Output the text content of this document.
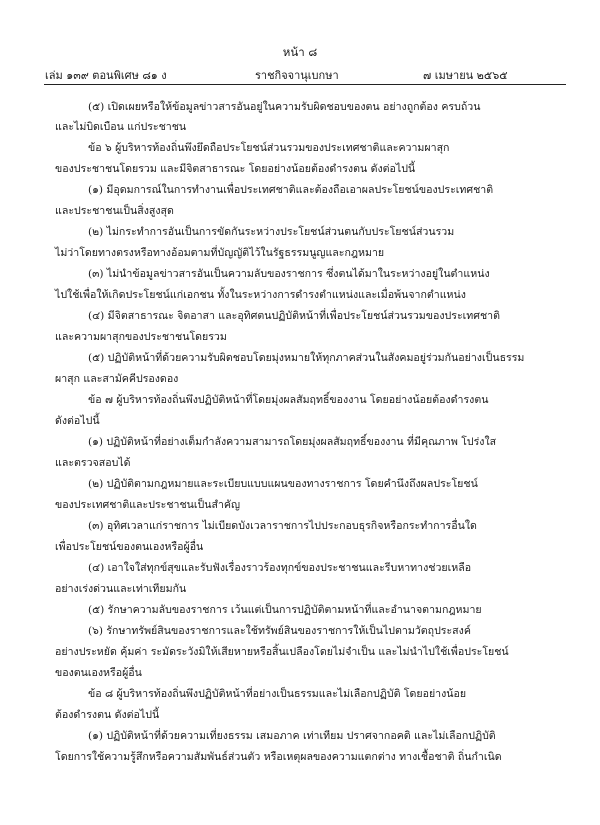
หน้า ๘
เล่ม ๑๓๙ ตอนพิเศษ ๘๑ ง	ราชกิจจานุเบกษา	๗ เมษายน ๒๕๖๕
(๕) เปิดเผยหรือให้ข้อมูลข่าวสารอันอยู่ในความรับผิดชอบของตน อย่างถูกต้อง ครบถ้วน
และไม่บิดเบือน แก่ประชาชน
ข้อ ๖ ผู้บริหารท้องถิ่นพึงยึดถือประโยชน์ส่วนรวมของประเทศชาติและความผาสุก
ของประชาชนโดยรวม และมีจิตสาธารณะ โดยอย่างน้อยต้องดำรงตน ดังต่อไปนี้
(๑) มีอุดมการณ์ในการทำงานเพื่อประเทศชาติและต้องถือเอาผลประโยชน์ของประเทศชาติ
และประชาชนเป็นสิ่งสูงสุด
(๒) ไม่กระทำการอันเป็นการขัดกันระหว่างประโยชน์ส่วนตนกับประโยชน์ส่วนรวม
ไม่ว่าโดยทางตรงหรือทางอ้อมตามที่บัญญัติไว้ในรัฐธรรมนูญและกฎหมาย
(๓) ไม่นำข้อมูลข่าวสารอันเป็นความลับของราชการ ซึ่งตนได้มาในระหว่างอยู่ในตำแหน่ง
ไปใช้เพื่อให้เกิดประโยชน์แก่เอกชน ทั้งในระหว่างการดำรงตำแหน่งและเมื่อพ้นจากตำแหน่ง
(๔) มีจิตสาธารณะ จิตอาสา และอุทิศตนปฏิบัติหน้าที่เพื่อประโยชน์ส่วนรวมของประเทศชาติ
และความผาสุกของประชาชนโดยรวม
(๕) ปฏิบัติหน้าที่ด้วยความรับผิดชอบโดยมุ่งหมายให้ทุกภาคส่วนในสังคมอยู่ร่วมกันอย่างเป็นธรรม
ผาสุก และสามัคคีปรองดอง
ข้อ ๗ ผู้บริหารท้องถิ่นพึงปฏิบัติหน้าที่โดยมุ่งผลสัมฤทธิ์ของงาน โดยอย่างน้อยต้องดำรงตน
ดังต่อไปนี้
(๑) ปฏิบัติหน้าที่อย่างเต็มกำลังความสามารถโดยมุ่งผลสัมฤทธิ์ของงาน ที่มีคุณภาพ โปร่งใส
และตรวจสอบได้
(๒) ปฏิบัติตามกฎหมายและระเบียบแบบแผนของทางราชการ โดยคำนึงถึงผลประโยชน์
ของประเทศชาติและประชาชนเป็นสำคัญ
(๓) อุทิศเวลาแก่ราชการ ไม่เบียดบังเวลาราชการไปประกอบธุรกิจหรือกระทำการอื่นใด
เพื่อประโยชน์ของตนเองหรือผู้อื่น
(๔) เอาใจใส่ทุกข์สุขและรับฟังเรื่องราวร้องทุกข์ของประชาชนและรีบหาทางช่วยเหลือ
อย่างเร่งด่วนและเท่าเทียมกัน
(๕) รักษาความลับของราชการ เว้นแต่เป็นการปฏิบัติตามหน้าที่และอำนาจตามกฎหมาย
(๖) รักษาทรัพย์สินของราชการและใช้ทรัพย์สินของราชการให้เป็นไปตามวัตถุประสงค์
อย่างประหยัด คุ้มค่า ระมัดระวังมิให้เสียหายหรือสิ้นเปลืองโดยไม่จำเป็น และไม่นำไปใช้เพื่อประโยชน์
ของตนเองหรือผู้อื่น
ข้อ ๘ ผู้บริหารท้องถิ่นพึงปฏิบัติหน้าที่อย่างเป็นธรรมและไม่เลือกปฏิบัติ โดยอย่างน้อย
ต้องดำรงตน ดังต่อไปนี้
(๑) ปฏิบัติหน้าที่ด้วยความเที่ยงธรรม เสมอภาค เท่าเทียม ปราศจากอคติ และไม่เลือกปฏิบัติ
โดยการใช้ความรู้สึกหรือความสัมพันธ์ส่วนตัว หรือเหตุผลของความแตกต่าง ทางเชื้อชาติ ถิ่นกำเนิด
